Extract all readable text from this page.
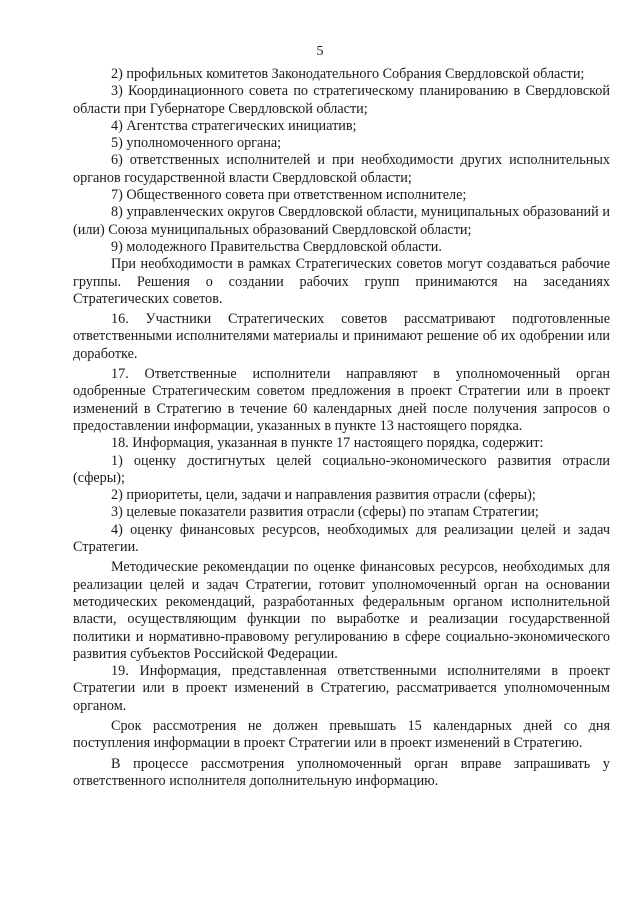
5

2) профильных комитетов Законодательного Собрания Свердловской области;

3) Координационного совета по стратегическому планированию в Свердловской области при Губернаторе Свердловской области;

4) Агентства стратегических инициатив;

5) уполномоченного органа;

6) ответственных исполнителей и при необходимости других исполнительных органов государственной власти Свердловской области;

7) Общественного совета при ответственном исполнителе;

8) управленческих округов Свердловской области, муниципальных образований и (или) Союза муниципальных образований Свердловской области;

9) молодежного Правительства Свердловской области.

При необходимости в рамках Стратегических советов могут создаваться рабочие группы. Решения о создании рабочих групп принимаются на заседаниях Стратегических советов.

16. Участники Стратегических советов рассматривают подготовленные ответственными исполнителями материалы и принимают решение об их одобрении или доработке.

17. Ответственные исполнители направляют в уполномоченный орган одобренные Стратегическим советом предложения в проект Стратегии или в проект изменений в Стратегию в течение 60 календарных дней после получения запросов о предоставлении информации, указанных в пункте 13 настоящего порядка.

18. Информация, указанная в пункте 17 настоящего порядка, содержит:

1) оценку достигнутых целей социально-экономического развития отрасли (сферы);

2) приоритеты, цели, задачи и направления развития отрасли (сферы);

3) целевые показатели развития отрасли (сферы) по этапам Стратегии;

4) оценку финансовых ресурсов, необходимых для реализации целей и задач Стратегии.

Методические рекомендации по оценке финансовых ресурсов, необходимых для реализации целей и задач Стратегии, готовит уполномоченный орган на основании методических рекомендаций, разработанных федеральным органом исполнительной власти, осуществляющим функции по выработке и реализации государственной политики и нормативно-правовому регулированию в сфере социально-экономического развития субъектов Российской Федерации.

19. Информация, представленная ответственными исполнителями в проект Стратегии или в проект изменений в Стратегию, рассматривается уполномоченным органом.

Срок рассмотрения не должен превышать 15 календарных дней со дня поступления информации в проект Стратегии или в проект изменений в Стратегию.

В процессе рассмотрения уполномоченный орган вправе запрашивать у ответственного исполнителя дополнительную информацию.
